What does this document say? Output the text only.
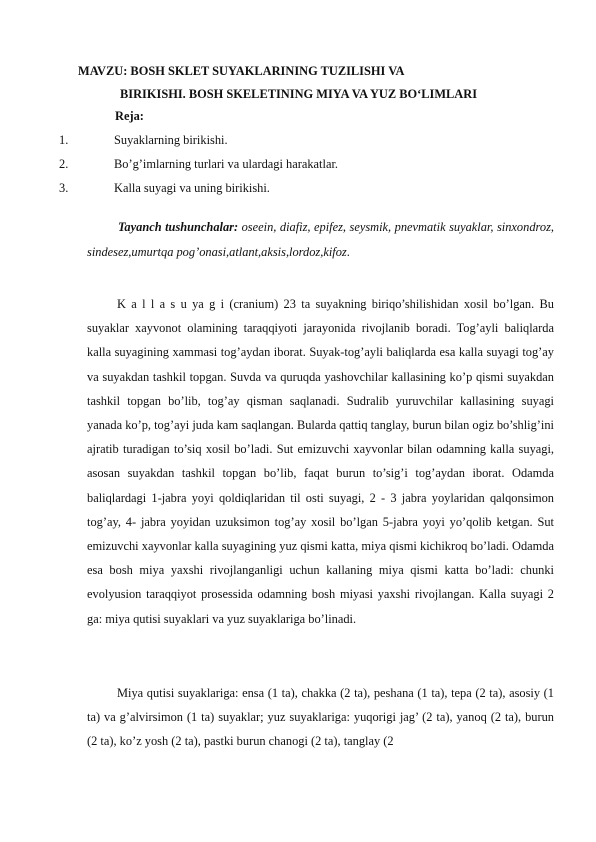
MAVZU: BOSH SKLET SUYAKLARINING TUZILISHI VA
BIRIKISHI. BOSH SKELETINING MIYA VA YUZ BO‘LIMLARI
Reja:
1.	Suyaklarning birikishi.
2.	Bo’g’imlarning turlari va ulardagi harakatlar.
3.	Kalla suyagi va uning birikishi.
Tayanch tushunchalar: oseein, diafiz, epifez, seysmik, pnevmatik suyaklar, sinxondroz, sindesez,umurtqa pog’onasi,atlant,aksis,lordoz,kifoz.

K a l l a s u ya g i (cranium) 23 ta suyakning biriqo’shilishidan xosil bo’lgan. Bu suyaklar xayvonot olamining taraqqiyoti jarayonida rivojlanib boradi. Tog’ayli baliqlarda kalla suyagining xammasi tog’aydan iborat. Suyak-tog’ayli baliqlarda esa kalla suyagi tog’ay va suyakdan tashkil topgan. Suvda va quruqda yashovchilar kallasining ko’p qismi suyakdan tashkil topgan bo’lib, tog’ay qisman saqlanadi. Sudralib yuruvchilar kallasining suyagi yanada ko’p, tog’ayi juda kam saqlangan. Bularda qattiq tanglay, burun bilan ogiz bo’shlig’ini ajratib turadigan to’siq xosil bo’ladi. Sut emizuvchi xayvonlar bilan odamning kalla suyagi, asosan suyakdan tashkil topgan bo’lib, faqat burun to’sig’i tog’aydan iborat. Odamda baliqlardagi 1-jabra yoyi qoldiqlaridan til osti suyagi, 2 - 3 jabra yoylaridan qalqonsimon tog’ay, 4- jabra yoyidan uzuksimon tog’ay xosil bo’lgan 5-jabra yoyi yo’qolib ketgan. Sut emizuvchi xayvonlar kalla suyagining yuz qismi katta, miya qismi kichikroq bo’ladi. Odamda esa bosh miya yaxshi rivojlanganligi uchun kallaning miya qismi katta bo’ladi: chunki evolyusion taraqqiyot prosessida odamning bosh miyasi yaxshi rivojlangan. Kalla suyagi 2 ga: miya qutisi suyaklari va yuz suyaklariga bo’linadi.

Miya qutisi suyaklariga: ensa (1 ta), chakka (2 ta), peshana (1 ta), tepa (2 ta), asosiy (1 ta) va g’alvirsimon (1 ta) suyaklar; yuz suyaklariga: yuqorigi jag’ (2 ta), yanoq (2 ta), burun (2 ta), ko’z yosh (2 ta), pastki burun chanogi (2 ta), tanglay (2
